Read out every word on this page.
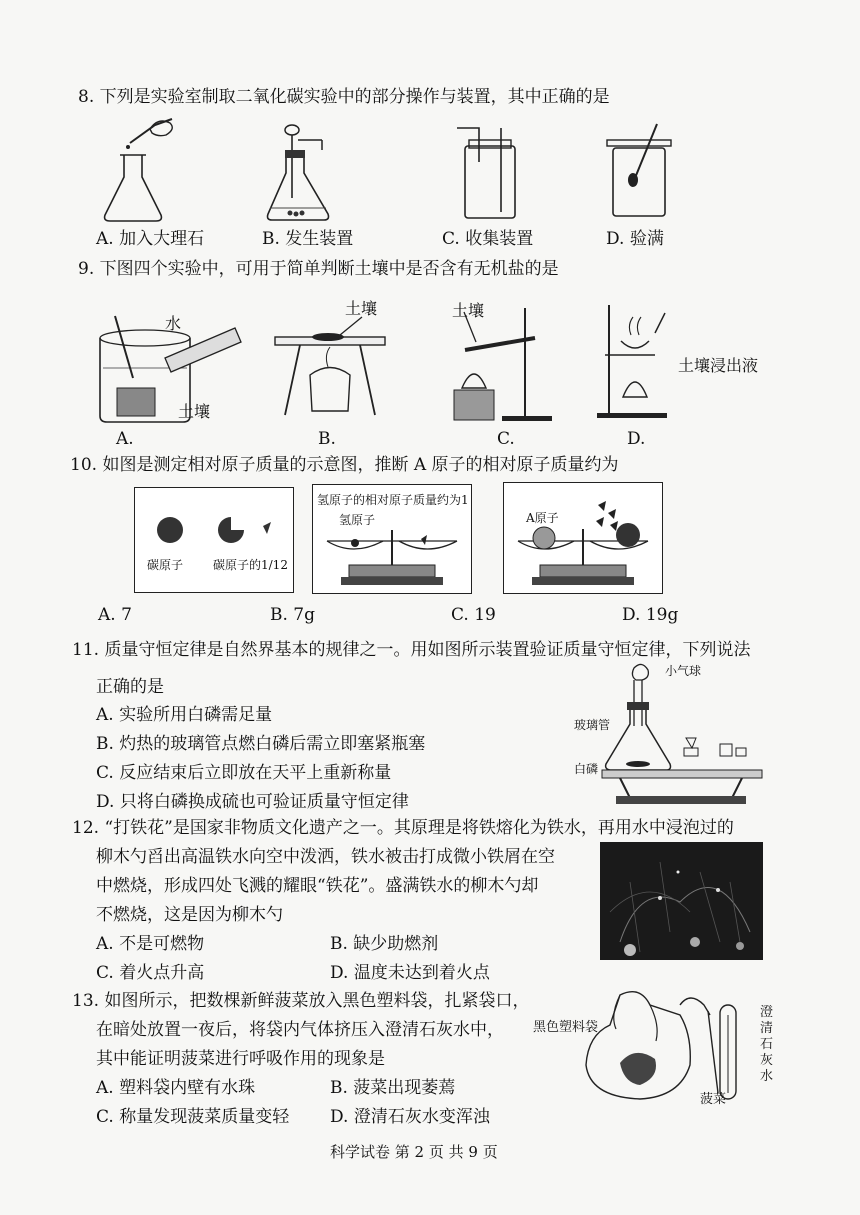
8. 下列是实验室制取二氧化碳实验中的部分操作与装置，其中正确的是
A. 加入大理石	B. 发生装置	C. 收集装置	D. 验满
9. 下图四个实验中，可用于简单判断土壤中是否含有无机盐的是
水
土壤
土壤	土壤
土壤浸出液
A.	B.	C.	D.
10. 如图是测定相对原子质量的示意图，推断 A 原子的相对原子质量约为
碳原子 碳原子的1/12
氢原子的相对原子质量约为1
氢原子	A原子
A. 7	B. 7g	C. 19	D. 19g
11. 质量守恒定律是自然界基本的规律之一。用如图所示装置验证质量守恒定律，下列说法
正确的是
A. 实验所用白磷需足量
B. 灼热的玻璃管点燃白磷后需立即塞紧瓶塞
C. 反应结束后立即放在天平上重新称量
D. 只将白磷换成硫也可验证质量守恒定律
小气球
玻璃管
白磷
12. “打铁花”是国家非物质文化遗产之一。其原理是将铁熔化为铁水，再用水中浸泡过的
柳木勺舀出高温铁水向空中泼洒，铁水被击打成微小铁屑在空
中燃烧，形成四处飞溅的耀眼“铁花”。盛满铁水的柳木勺却
不燃烧，这是因为柳木勺
A. 不是可燃物	B. 缺少助燃剂
C. 着火点升高	D. 温度未达到着火点
13. 如图所示，把数棵新鲜菠菜放入黑色塑料袋，扎紧袋口，
在暗处放置一夜后，将袋内气体挤压入澄清石灰水中，
其中能证明菠菜进行呼吸作用的现象是
A. 塑料袋内壁有水珠	B. 菠菜出现萎蔫
C. 称量发现菠菜质量变轻 D. 澄清石灰水变浑浊
黑色塑料袋
菠菜
澄
清
石
灰
水
科学试卷 第 2 页 共 9 页
